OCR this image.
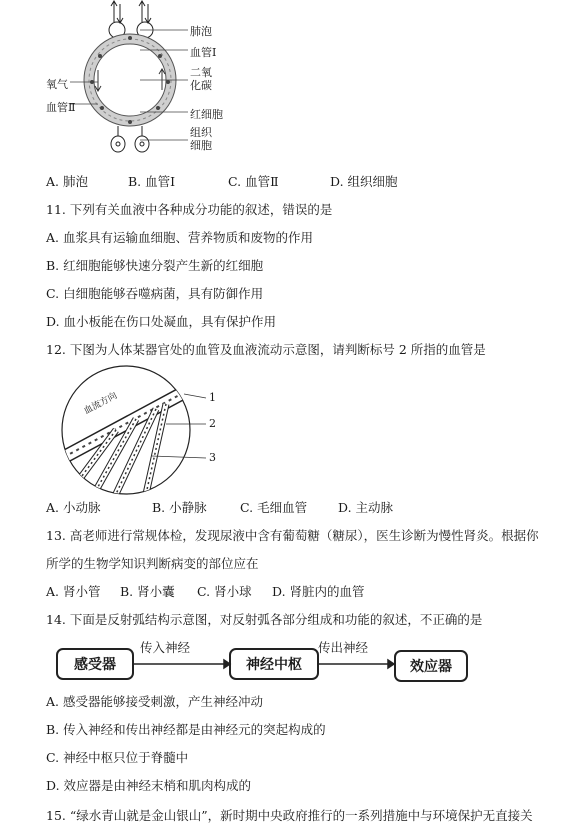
肺泡
血管Ⅰ
二氧
化碳
氧气
血管Ⅱ
红细胞
组织
细胞
A. 肺泡	B. 血管Ⅰ	C. 血管Ⅱ	D. 组织细胞
11. 下列有关血液中各种成分功能的叙述，错误的是
A. 血浆具有运输血细胞、营养物质和废物的作用
B. 红细胞能够快速分裂产生新的红细胞
C. 白细胞能够吞噬病菌，具有防御作用
D. 血小板能在伤口处凝血，具有保护作用
12. 下图为人体某器官处的血管及血液流动示意图，请判断标号 2 所指的血管是
血流方向	1
2
3
A. 小动脉	B. 小静脉	C. 毛细血管 D. 主动脉
13. 高老师进行常规体检，发现尿液中含有葡萄糖（糖尿），医生诊断为慢性肾炎。根据你
所学的生物学知识判断病变的部位应在
A. 肾小管 B. 肾小囊 C. 肾小球 D. 肾脏内的血管
14. 下面是反射弧结构示意图，对反射弧各部分组成和功能的叙述，不正确的是
感受器	神经中枢	效应器
传入神经	传出神经
A. 感受器能够接受刺激，产生神经冲动
B. 传入神经和传出神经都是由神经元的突起构成的
C. 神经中枢只位于脊髓中
D. 效应器是由神经末梢和肌肉构成的
15. “绿水青山就是金山银山”，新时期中央政府推行的一系列措施中与环境保护无直接关
